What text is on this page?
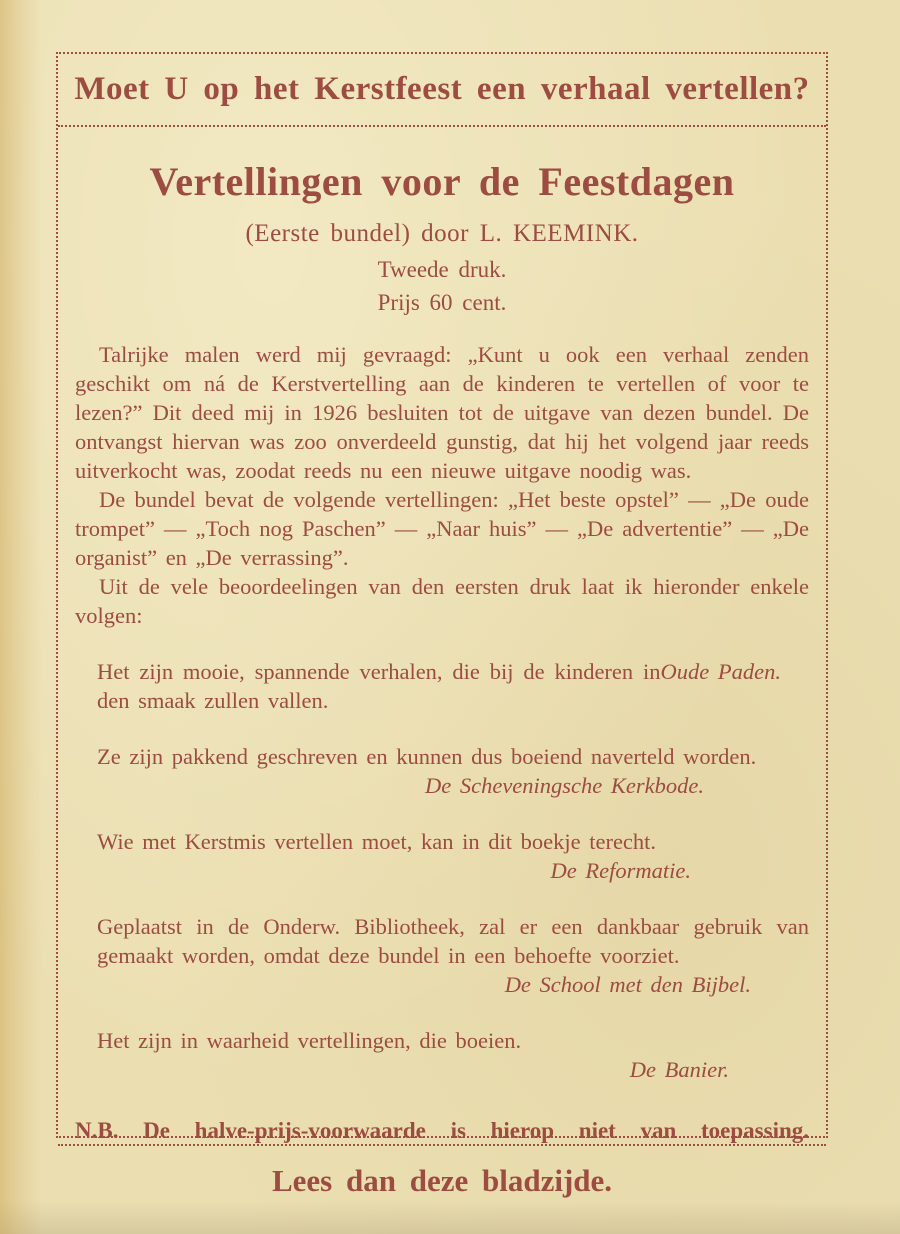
Moet U op het Kerstfeest een verhaal vertellen?
Vertellingen voor de Feestdagen
(Eerste bundel) door L. KEEMINK.
Tweede druk.
Prijs 60 cent.

Talrijke malen werd mij gevraagd: „Kunt u ook een verhaal zenden geschikt om ná de Kerstvertelling aan de kinderen te vertellen of voor te lezen?” Dit deed mij in 1926 besluiten tot de uitgave van dezen bundel. De ontvangst hiervan was zoo onverdeeld gunstig, dat hij het volgend jaar reeds uitverkocht was, zoodat reeds nu een nieuwe uitgave noodig was.

De bundel bevat de volgende vertellingen: „Het beste opstel” — „De oude trompet” — „Toch nog Paschen” — „Naar huis” — „De advertentie” — „De organist” en „De verrassing”.

Uit de vele beoordeelingen van den eersten druk laat ik hieronder enkele volgen:

Oude Paden.
Het zijn mooie, spannende verhalen, die bij de kinderen in den smaak zullen vallen.

Ze zijn pakkend geschreven en kunnen dus boeiend naverteld worden.

De Scheveningsche Kerkbode.

Wie met Kerstmis vertellen moet, kan in dit boekje terecht.

De Reformatie.

Geplaatst in de Onderw. Bibliotheek, zal er een dankbaar gebruik van gemaakt worden, omdat deze bundel in een behoefte voorziet.

De School met den Bijbel.

Het zijn in waarheid vertellingen, die boeien.

De Banier.

N.B. De halve-prijs-voorwaarde is hierop niet van toepassing.
Lees dan deze bladzijde.
